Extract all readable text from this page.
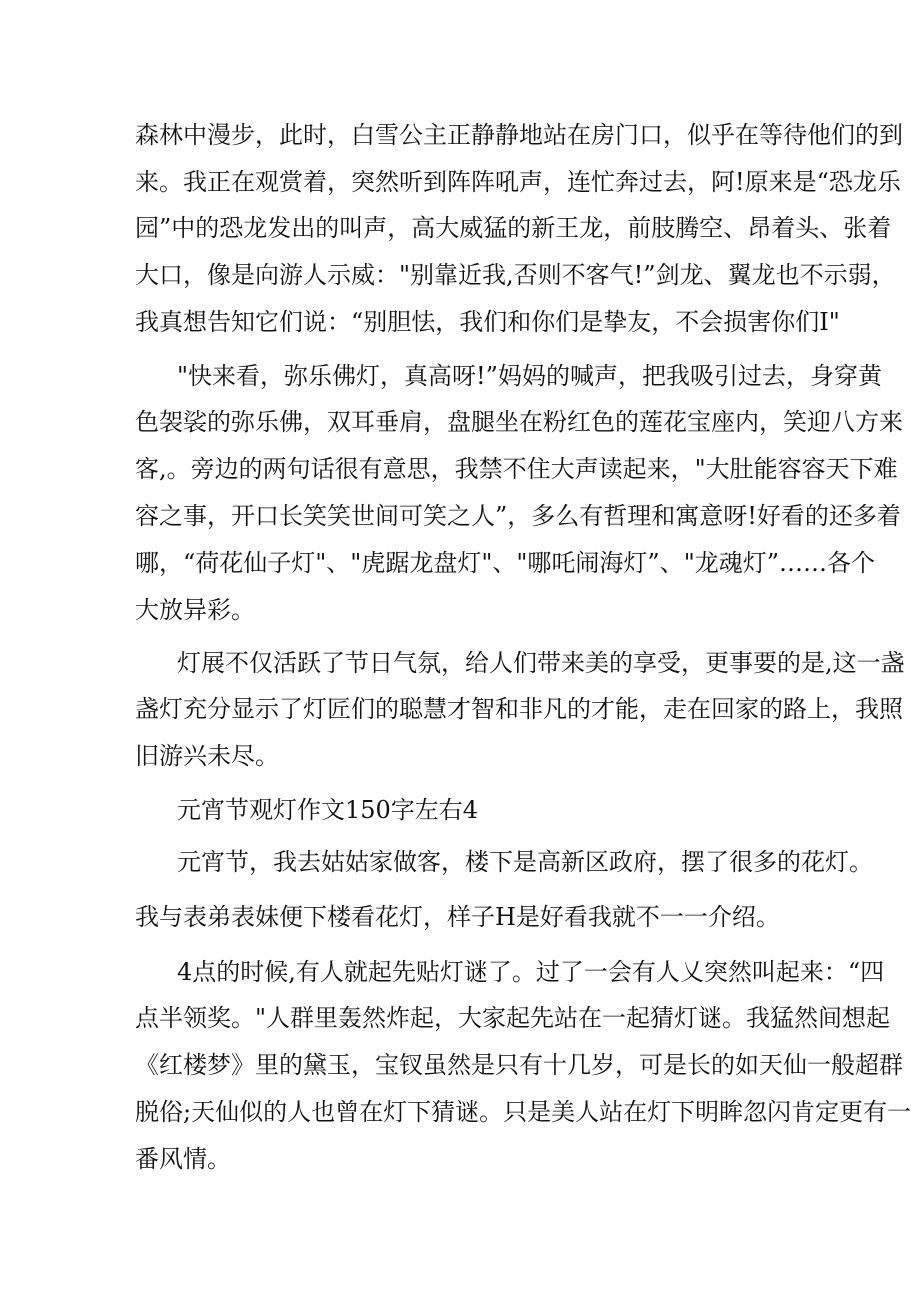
森林中漫步，此时，白雪公主正静静地站在房门口，似乎在等待他们的到
来。我正在观赏着，突然听到阵阵吼声，连忙奔过去，阿!原来是“恐龙乐
园”中的恐龙发出的叫声，高大威猛的新王龙，前肢腾空、昂着头、张着
大口，像是向游人示威："别靠近我,否则不客气!”剑龙、翼龙也不示弱，
我真想告知它们说：“别胆怯，我们和你们是挚友，不会损害你们I"
"快来看，弥乐佛灯，真高呀!”妈妈的喊声，把我吸引过去，身穿黄
色袈裟的弥乐佛，双耳垂肩，盘腿坐在粉红色的莲花宝座内，笑迎八方来
客,。旁边的两句话很有意思，我禁不住大声读起来，"大肚能容容天下难
容之事，开口长笑笑世间可笑之人”，多么有哲理和寓意呀!好看的还多着
哪，“荷花仙子灯"、"虎踞龙盘灯"、"哪吒闹海灯”、"龙魂灯”……各个
大放异彩。
灯展不仅活跃了节日气氛，给人们带来美的享受，更事要的是,这一盏
盏灯充分显示了灯匠们的聪慧才智和非凡的才能，走在回家的路上，我照
旧游兴未尽。
元宵节观灯作文150字左右4
元宵节，我去姑姑家做客，楼下是高新区政府，摆了很多的花灯。
我与表弟表妹便下楼看花灯，样子H是好看我就不一一介绍。
4点的时候,有人就起先贴灯谜了。过了一会有人乂突然叫起来：“四
点半领奖。"人群里轰然炸起，大家起先站在一起猜灯谜。我猛然间想起
《红楼梦》里的黛玉，宝钗虽然是只有十几岁，可是长的如天仙一般超群
脱俗;天仙似的人也曾在灯下猜谜。只是美人站在灯下明眸忽闪肯定更有一
番风情。
